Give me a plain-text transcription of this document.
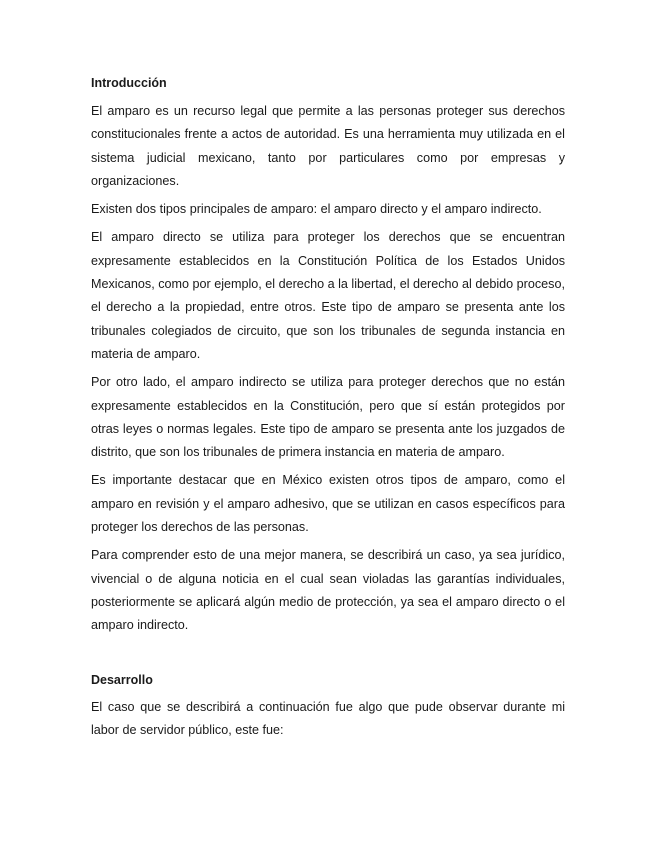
Introducción

El amparo es un recurso legal que permite a las personas proteger sus derechos constitucionales frente a actos de autoridad. Es una herramienta muy utilizada en el sistema judicial mexicano, tanto por particulares como por empresas y organizaciones.

Existen dos tipos principales de amparo: el amparo directo y el amparo indirecto.

El amparo directo se utiliza para proteger los derechos que se encuentran expresamente establecidos en la Constitución Política de los Estados Unidos Mexicanos, como por ejemplo, el derecho a la libertad, el derecho al debido proceso, el derecho a la propiedad, entre otros. Este tipo de amparo se presenta ante los tribunales colegiados de circuito, que son los tribunales de segunda instancia en materia de amparo.

Por otro lado, el amparo indirecto se utiliza para proteger derechos que no están expresamente establecidos en la Constitución, pero que sí están protegidos por otras leyes o normas legales. Este tipo de amparo se presenta ante los juzgados de distrito, que son los tribunales de primera instancia en materia de amparo.

Es importante destacar que en México existen otros tipos de amparo, como el amparo en revisión y el amparo adhesivo, que se utilizan en casos específicos para proteger los derechos de las personas.

Para comprender esto de una mejor manera, se describirá un caso, ya sea jurídico, vivencial o de alguna noticia en el cual sean violadas las garantías individuales, posteriormente se aplicará algún medio de protección, ya sea el amparo directo o el amparo indirecto.

Desarrollo

El caso que se describirá a continuación fue algo que pude observar durante mi labor de servidor público, este fue:
